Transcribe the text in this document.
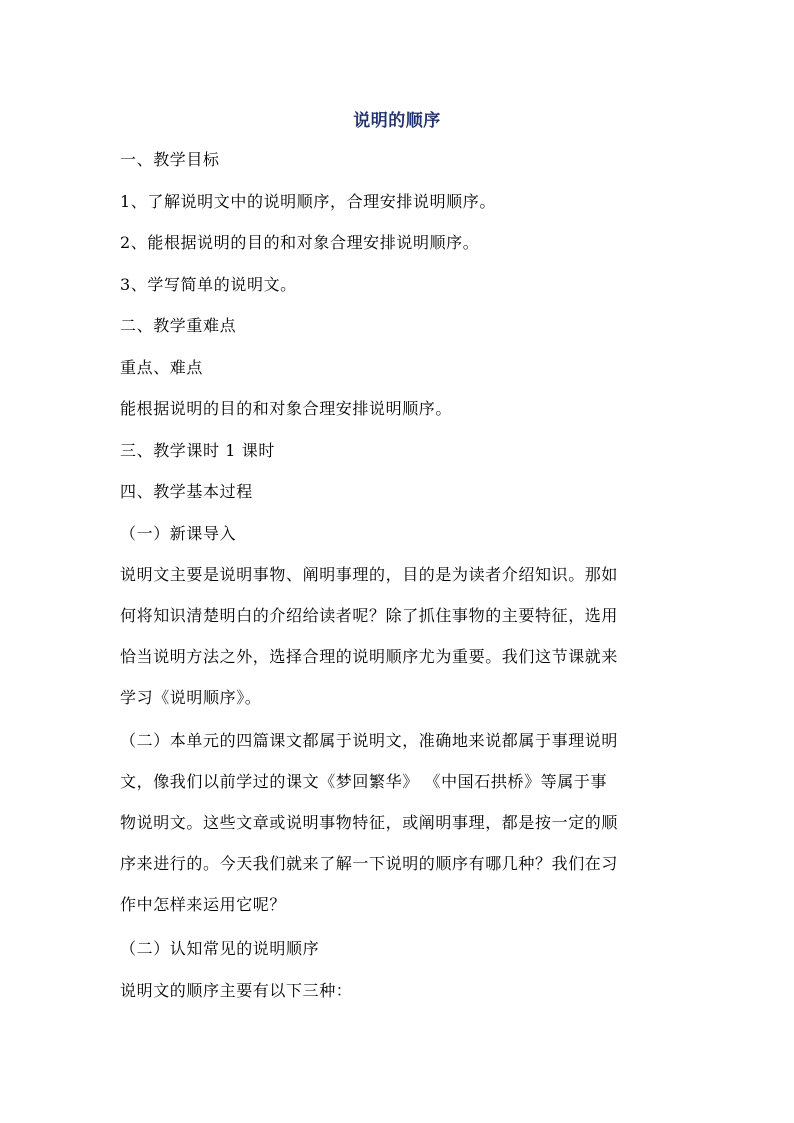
说明的顺序
一、教学目标
1、了解说明文中的说明顺序，合理安排说明顺序。
2、能根据说明的目的和对象合理安排说明顺序。
3、学写简单的说明文。
二、教学重难点
重点、难点
能根据说明的目的和对象合理安排说明顺序。
三、教学课时 1 课时
四、教学基本过程
（一）新课导入
说明文主要是说明事物、阐明事理的，目的是为读者介绍知识。那如
何将知识清楚明白的介绍给读者呢？除了抓住事物的主要特征，选用
恰当说明方法之外，选择合理的说明顺序尤为重要。我们这节课就来
学习《说明顺序》。
（二）本单元的四篇课文都属于说明文，准确地来说都属于事理说明
文，像我们以前学过的课文《梦回繁华》 《中国石拱桥》等属于事
物说明文。这些文章或说明事物特征，或阐明事理，都是按一定的顺
序来进行的。今天我们就来了解一下说明的顺序有哪几种？我们在习
作中怎样来运用它呢？
（二）认知常见的说明顺序
说明文的顺序主要有以下三种：
